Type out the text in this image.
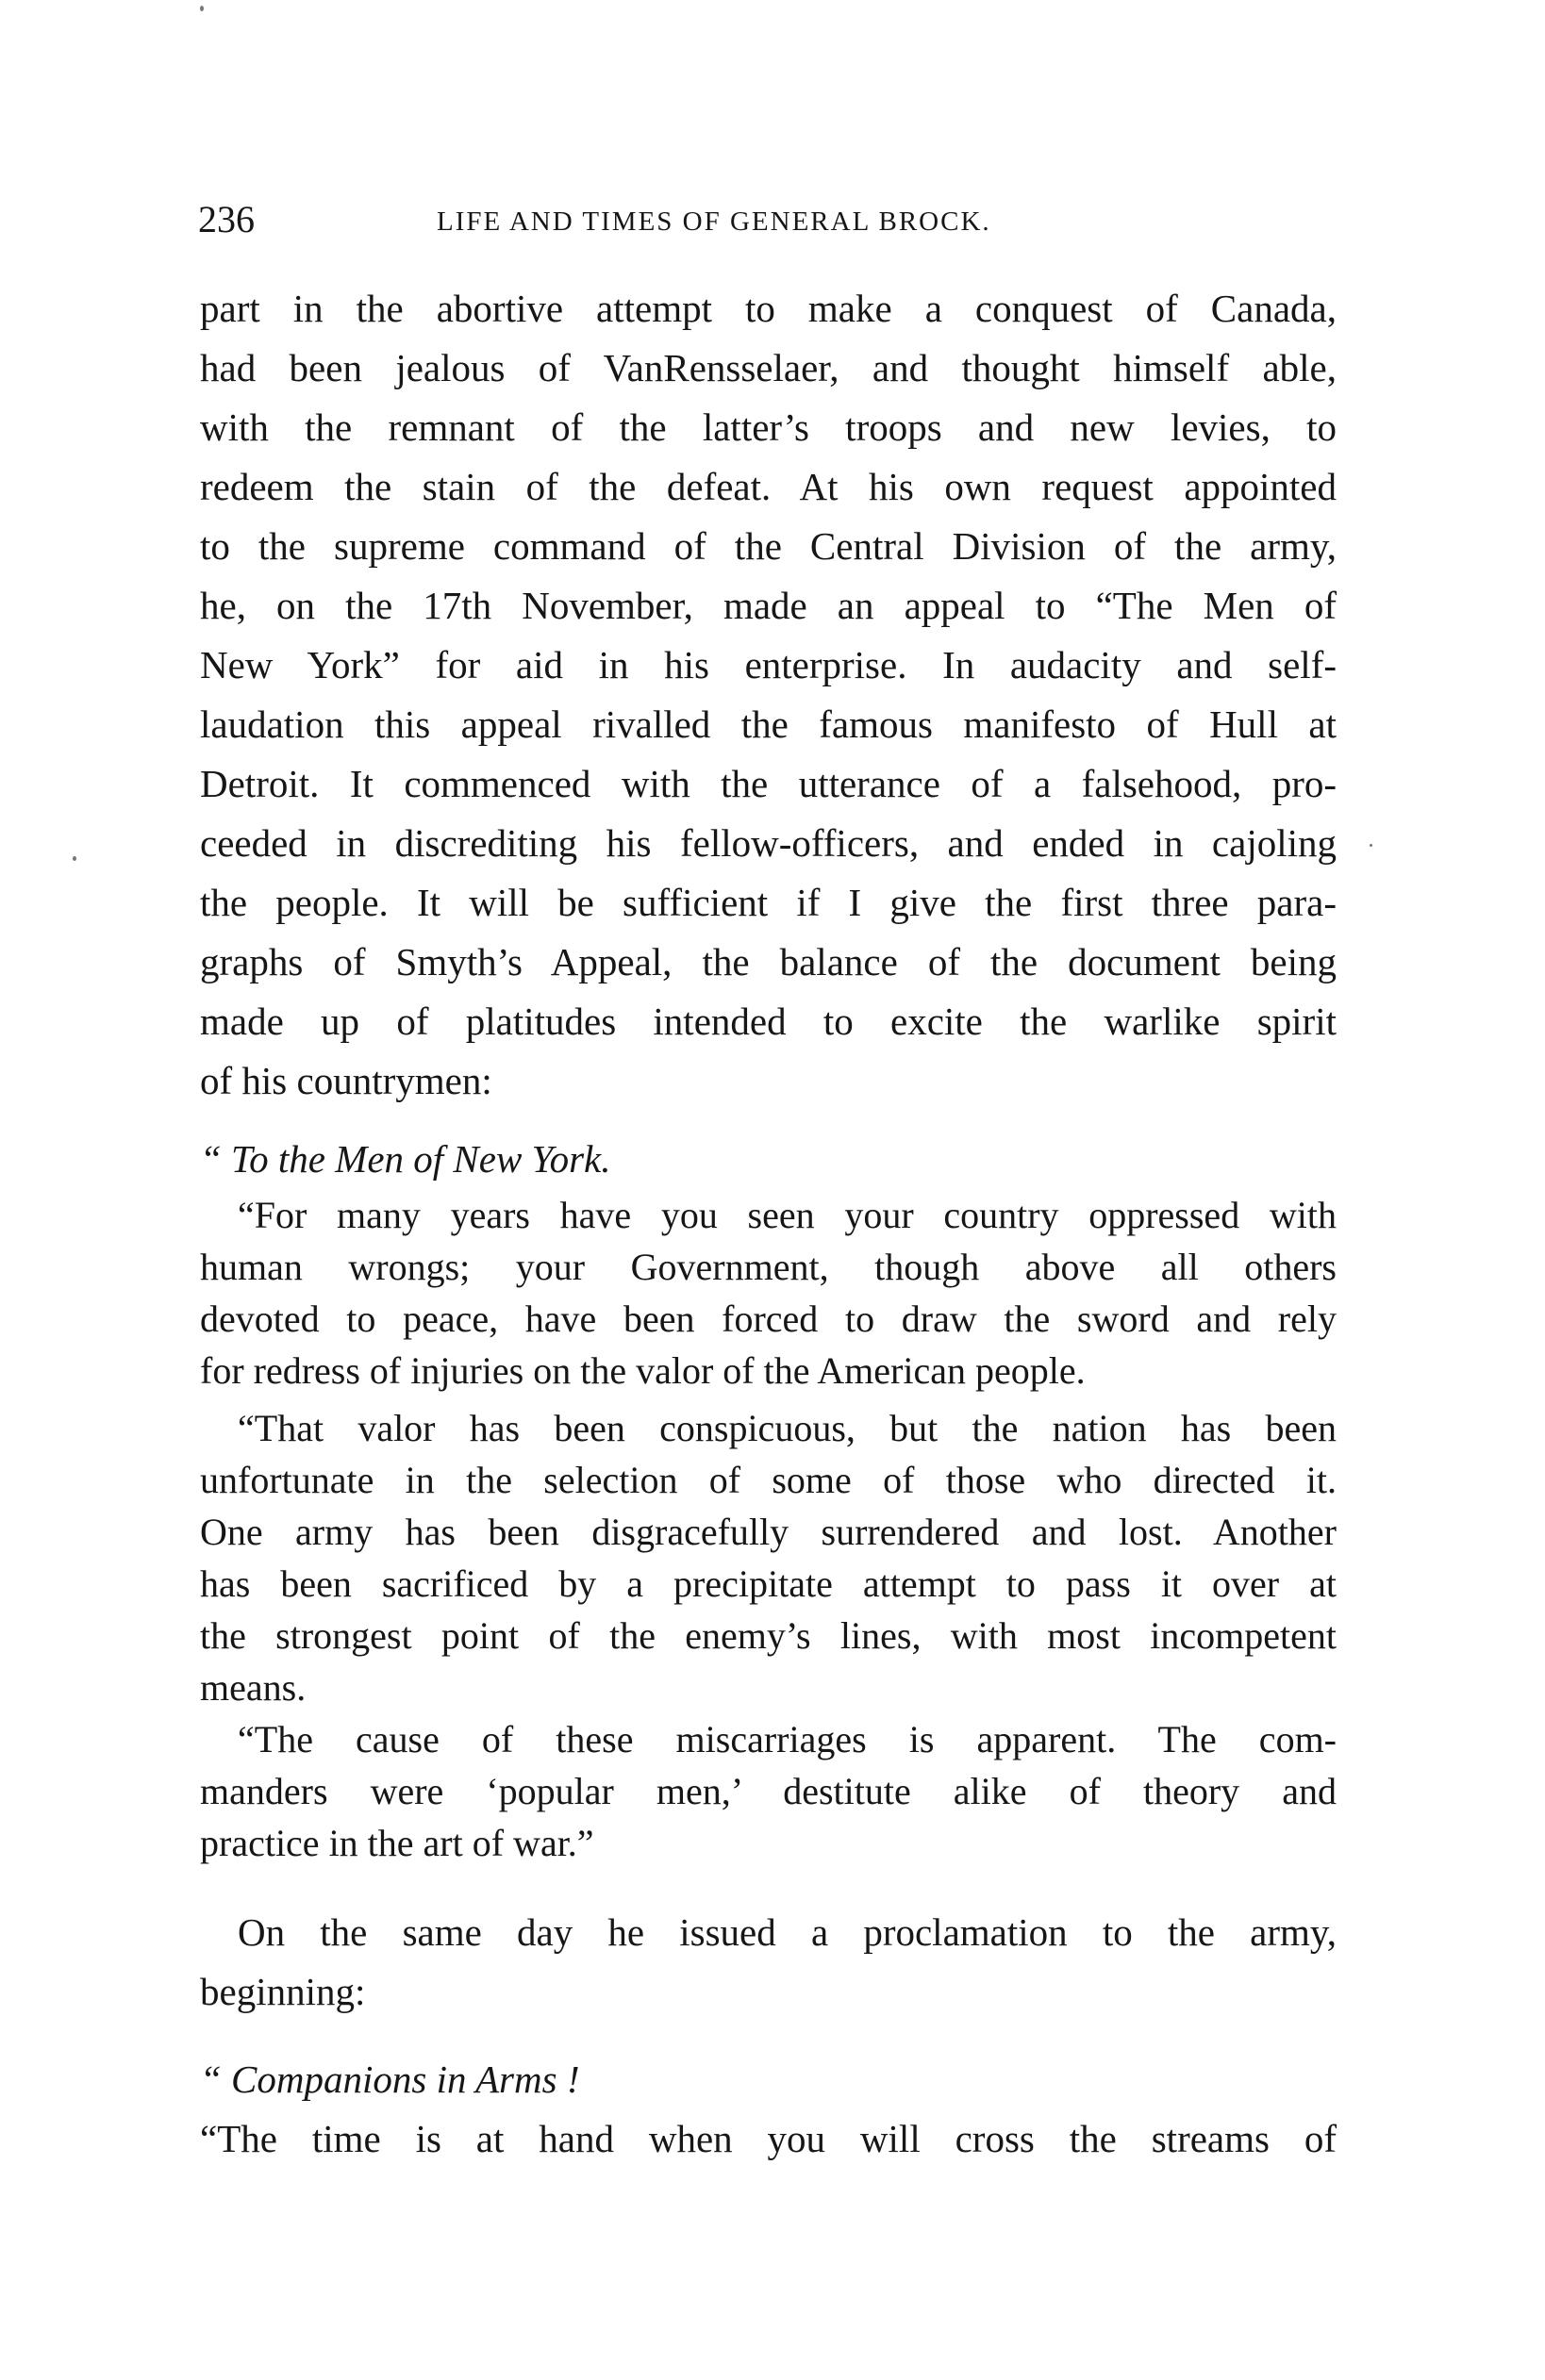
236	LIFE AND TIMES OF GENERAL BROCK.
part in the abortive attempt to make a conquest of Canada,
had been jealous of VanRensselaer, and thought himself able,
with the remnant of the latter’s troops and new levies, to
redeem the stain of the defeat. At his own request appointed
to the supreme command of the Central Division of the army,
he, on the 17th November, made an appeal to “The Men of
New York” for aid in his enterprise. In audacity and self-
laudation this appeal rivalled the famous manifesto of Hull at
Detroit. It commenced with the utterance of a falsehood, pro-
ceeded in discrediting his fellow-officers, and ended in cajoling
the people. It will be sufficient if I give the first three para-
graphs of Smyth’s Appeal, the balance of the document being
made up of platitudes intended to excite the warlike spirit
of his countrymen:
“ To the Men of New York.
“For many years have you seen your country oppressed with
human wrongs; your Government, though above all others
devoted to peace, have been forced to draw the sword and rely
for redress of injuries on the valor of the American people.
“That valor has been conspicuous, but the nation has been
unfortunate in the selection of some of those who directed it.
One army has been disgracefully surrendered and lost. Another
has been sacrificed by a precipitate attempt to pass it over at
the strongest point of the enemy’s lines, with most incompetent
means.
“The cause of these miscarriages is apparent. The com-
manders were ‘popular men,’ destitute alike of theory and
practice in the art of war.”
On the same day he issued a proclamation to the army,
beginning:
“ Companions in Arms !
“The time is at hand when you will cross the streams of
